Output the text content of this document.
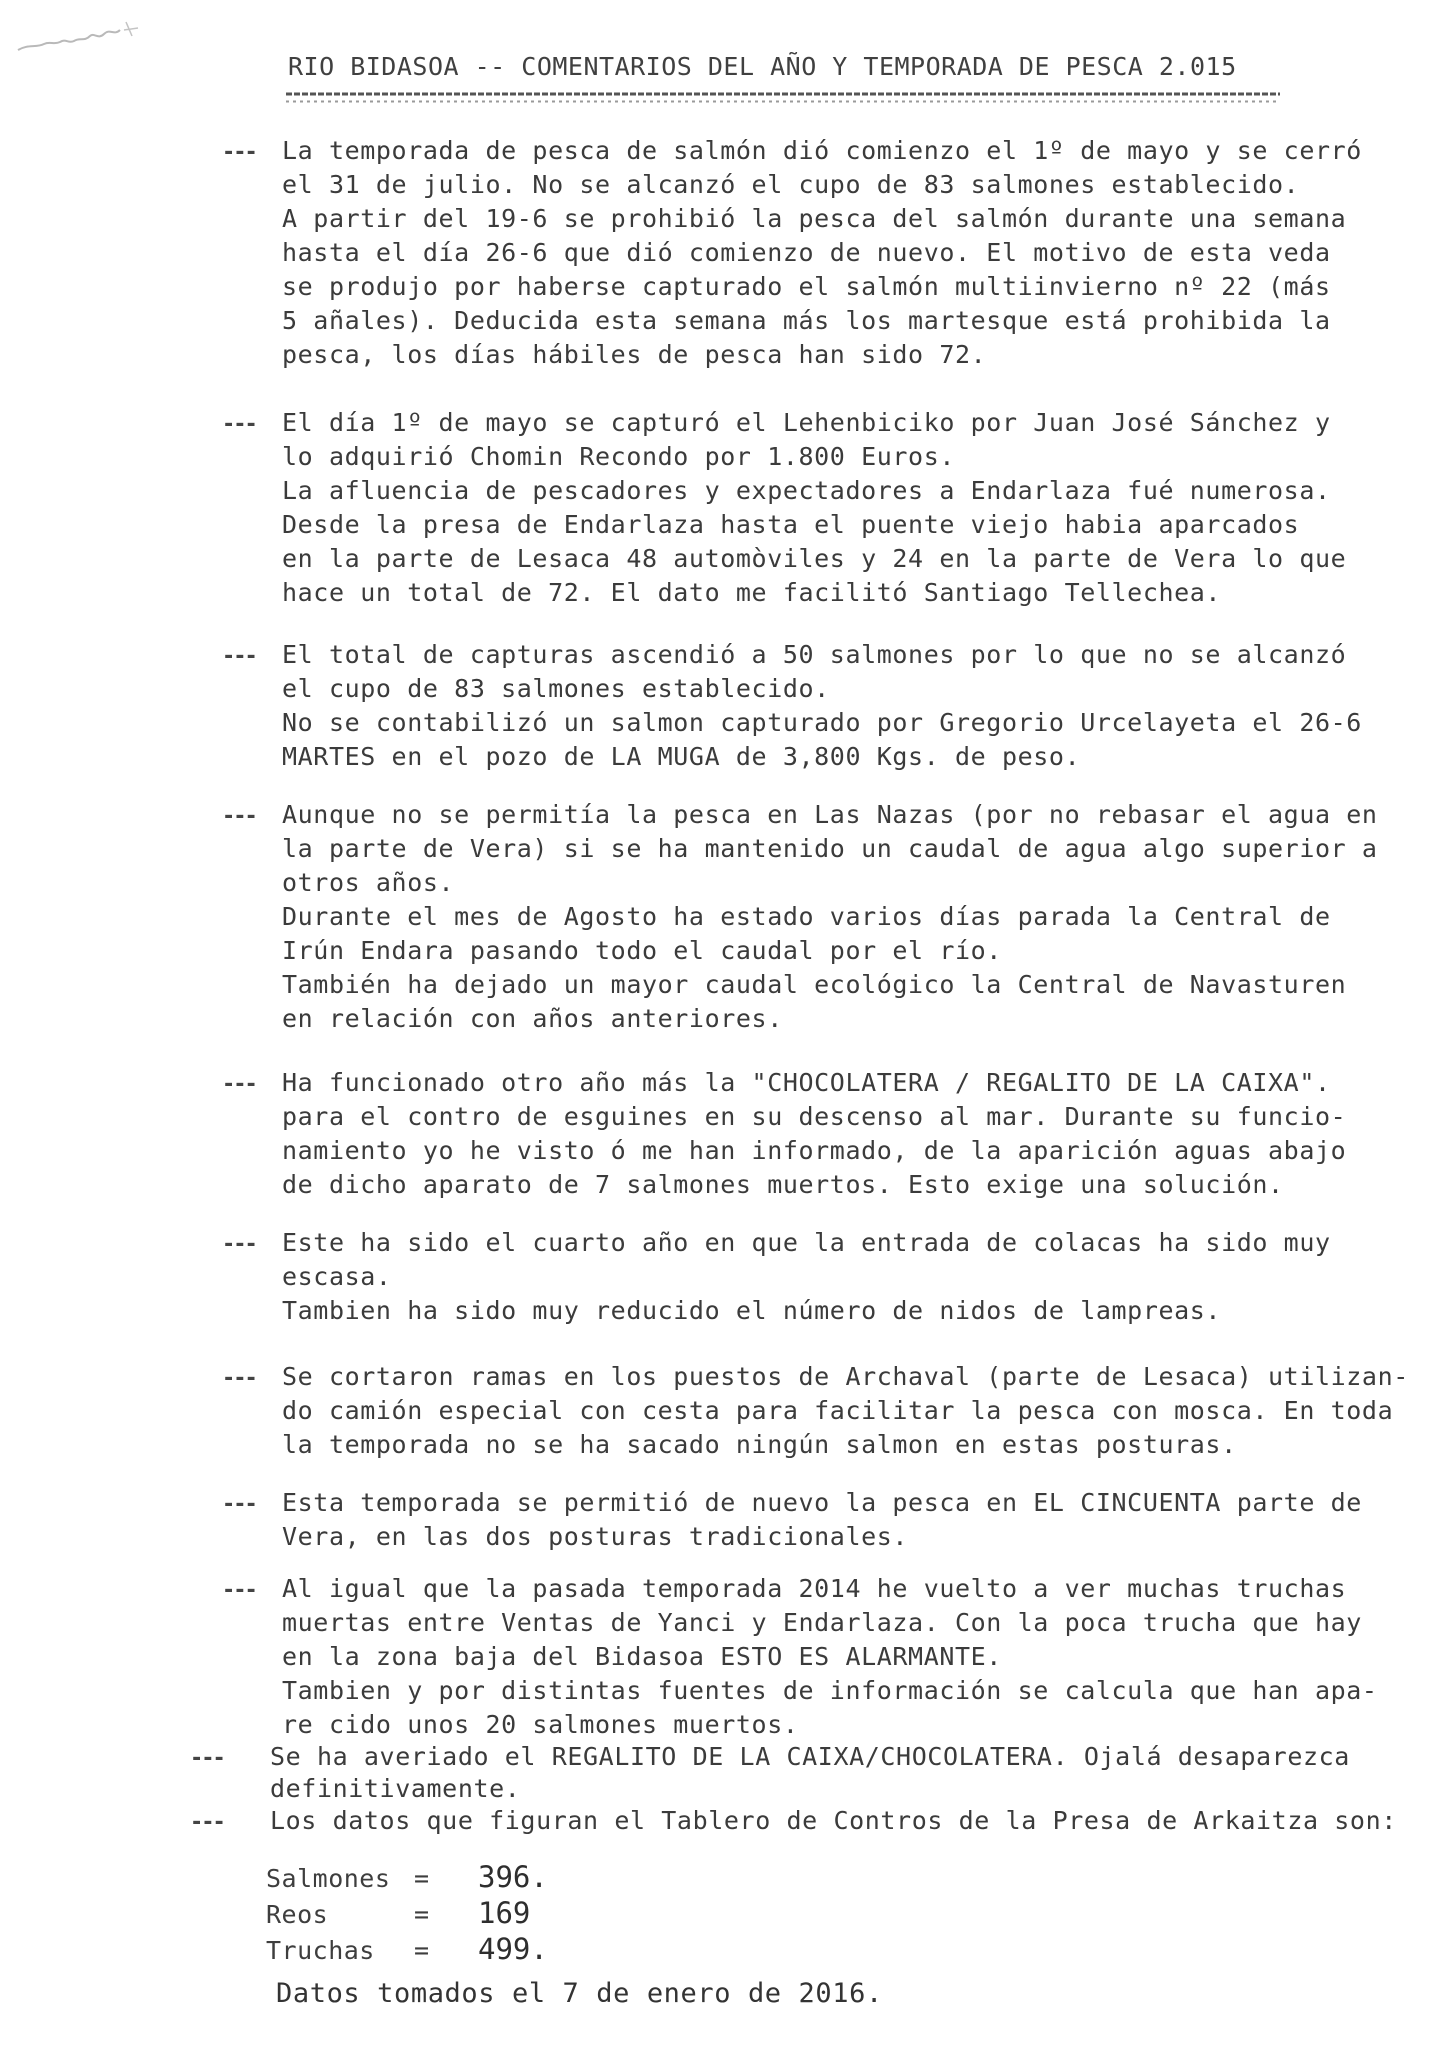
RIO BIDASOA -- COMENTARIOS DEL AÑO Y TEMPORADA DE PESCA 2.015
--- La temporada de pesca de salmón dió comienzo el 1º de mayo y se cerró
el 31 de julio. No se alcanzó el cupo de 83 salmones establecido.
A partir del 19-6 se prohibió la pesca del salmón durante una semana
hasta el día 26-6 que dió comienzo de nuevo. El motivo de esta veda
se produjo por haberse capturado el salmón multiinvierno nº 22 (más
5 añales). Deducida esta semana más los martesque está prohibida la
pesca, los días hábiles de pesca han sido 72.
--- El día 1º de mayo se capturó el Lehenbiciko por Juan José Sánchez y
lo adquirió Chomin Recondo por 1.800 Euros.
La afluencia de pescadores y expectadores a Endarlaza fué numerosa.
Desde la presa de Endarlaza hasta el puente viejo habia aparcados
en la parte de Lesaca 48 automòviles y 24 en la parte de Vera lo que
hace un total de 72. El dato me facilitó Santiago Tellechea.
--- El total de capturas ascendió a 50 salmones por lo que no se alcanzó
el cupo de 83 salmones establecido.
No se contabilizó un salmon capturado por Gregorio Urcelayeta el 26-6
MARTES en el pozo de LA MUGA de 3,800 Kgs. de peso.
--- Aunque no se permitía la pesca en Las Nazas (por no rebasar el agua en
la parte de Vera) si se ha mantenido un caudal de agua algo superior a
otros años.
Durante el mes de Agosto ha estado varios días parada la Central de
Irún Endara pasando todo el caudal por el río.
También ha dejado un mayor caudal ecológico la Central de Navasturen
en relación con años anteriores.
--- Ha funcionado otro año más la "CHOCOLATERA / REGALITO DE LA CAIXA".
para el contro de esguines en su descenso al mar. Durante su funcio-
namiento yo he visto ó me han informado, de la aparición aguas abajo
de dicho aparato de 7 salmones muertos. Esto exige una solución.
--- Este ha sido el cuarto año en que la entrada de colacas ha sido muy
escasa.
Tambien ha sido muy reducido el número de nidos de lampreas.
--- Se cortaron ramas en los puestos de Archaval (parte de Lesaca) utilizan-
do camión especial con cesta para facilitar la pesca con mosca. En toda
la temporada no se ha sacado ningún salmon en estas posturas.
--- Esta temporada se permitió de nuevo la pesca en EL CINCUENTA parte de
Vera, en las dos posturas tradicionales.
--- Al igual que la pasada temporada 2014 he vuelto a ver muchas truchas
muertas entre Ventas de Yanci y Endarlaza. Con la poca trucha que hay
en la zona baja del Bidasoa ESTO ES ALARMANTE.
Tambien y por distintas fuentes de información se calcula que han apa-
re cido unos 20 salmones muertos.
--- Se ha averiado el REGALITO DE LA CAIXA/CHOCOLATERA. Ojalá desaparezca
definitivamente.
--- Los datos que figuran el Tablero de Contros de la Presa de Arkaitza son:
Salmones = 396.
Reos	= 169
Truchas = 499.
Datos tomados el 7 de enero de 2016.
